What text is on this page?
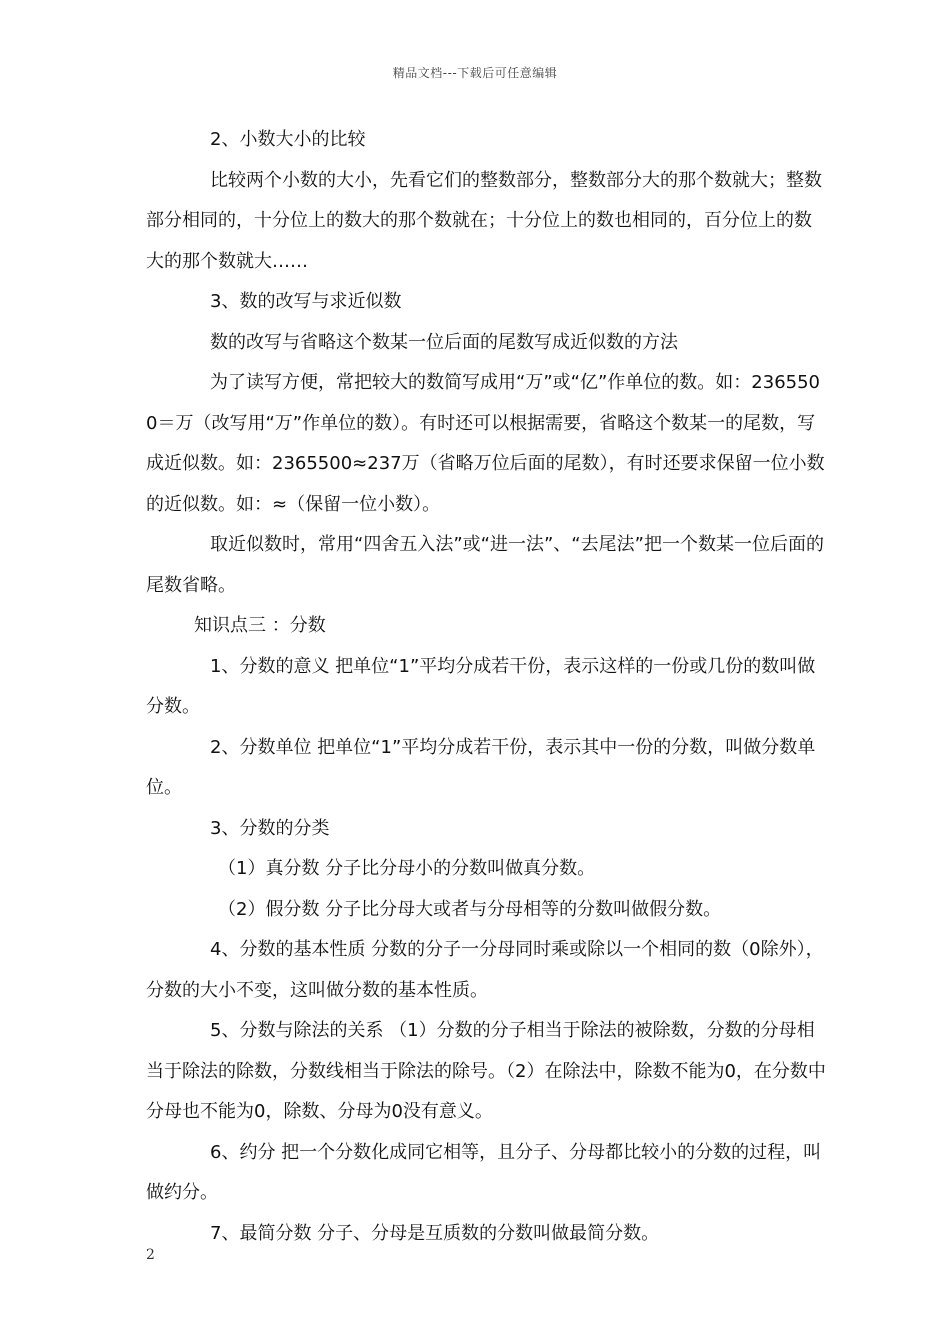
精品文档---下载后可任意编辑

2、小数大小的比较

比较两个小数的大小，先看它们的整数部分，整数部分大的那个数就大；整数部分相同的，十分位上的数大的那个数就在；十分位上的数也相同的，百分位上的数大的那个数就大……

3、数的改写与求近似数

数的改写与省略这个数某一位后面的尾数写成近似数的方法

为了读写方便，常把较大的数简写成用“万”或“亿”作单位的数。如：2365500＝万（改写用“万”作单位的数）。有时还可以根据需要，省略这个数某一的尾数，写成近似数。如：2365500≈237万（省略万位后面的尾数），有时还要求保留一位小数的近似数。如：≈（保留一位小数）。

取近似数时，常用“四舍五入法”或“进一法”、“去尾法”把一个数某一位后面的尾数省略。

知识点三 ：分数

1、分数的意义 把单位“1”平均分成若干份，表示这样的一份或几份的数叫做分数。

2、分数单位 把单位“1”平均分成若干份，表示其中一份的分数，叫做分数单位。

3、分数的分类

（1）真分数 分子比分母小的分数叫做真分数。

（2）假分数 分子比分母大或者与分母相等的分数叫做假分数。

4、分数的基本性质 分数的分子一分母同时乘或除以一个相同的数（0除外），分数的大小不变，这叫做分数的基本性质。

5、分数与除法的关系 （1）分数的分子相当于除法的被除数，分数的分母相当于除法的除数，分数线相当于除法的除号。（2）在除法中，除数不能为0，在分数中分母也不能为0，除数、分母为0没有意义。

6、约分 把一个分数化成同它相等，且分子、分母都比较小的分数的过程，叫做约分。

7、最简分数 分子、分母是互质数的分数叫做最简分数。

2
